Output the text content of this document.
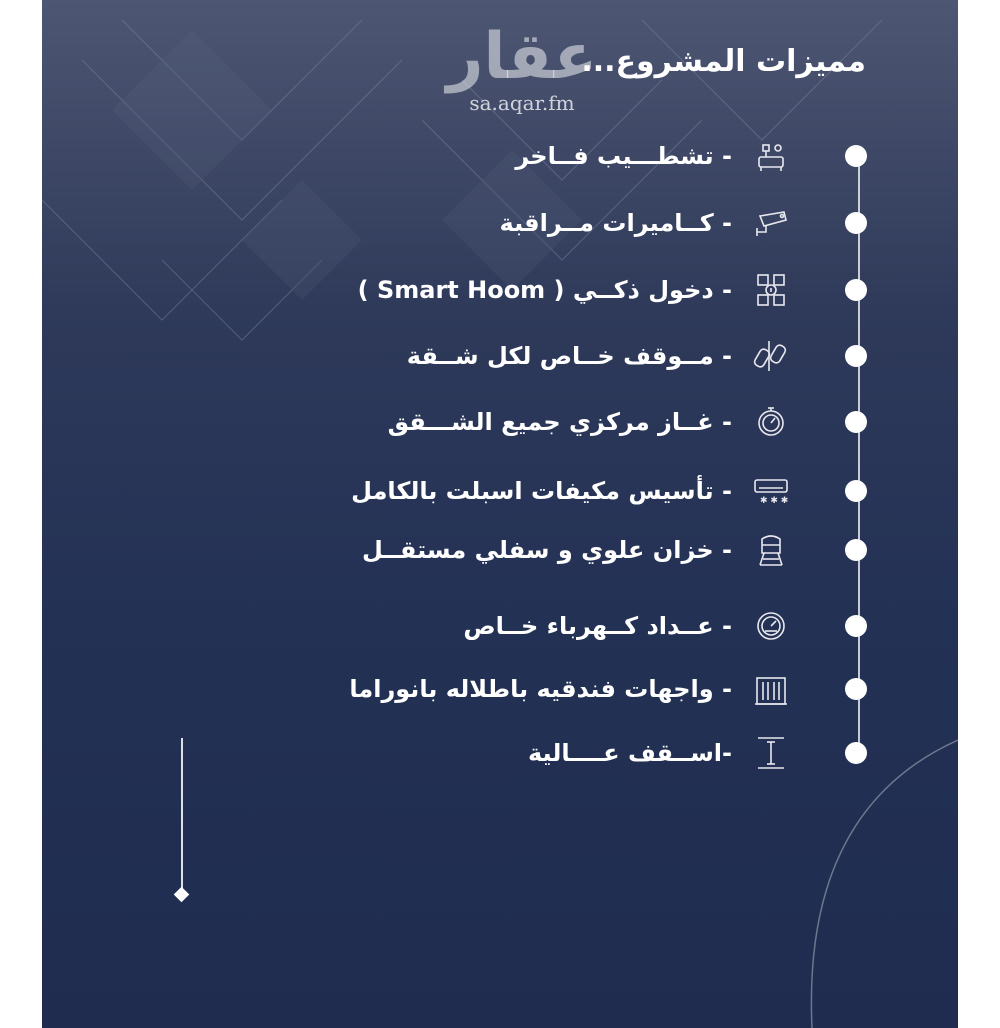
عقار
sa.aqar.fm
مميزات المشروع...
- تشطـــيب فــاخر
- كــاميرات مــراقبة
- دخول ذكــي ( Smart Hoom )
- مــوقف خــاص لكل شــقة
- غــاز مركزي جميع الشـــقق
✱ ✱ ✱
- تأسيس مكيفات اسبلت بالكامل
- خزان علوي و سفلي مستقــل
- عــداد كــهرباء خــاص
- واجهات فندقيه باطلاله بانوراما
-اســقف عــــالية
